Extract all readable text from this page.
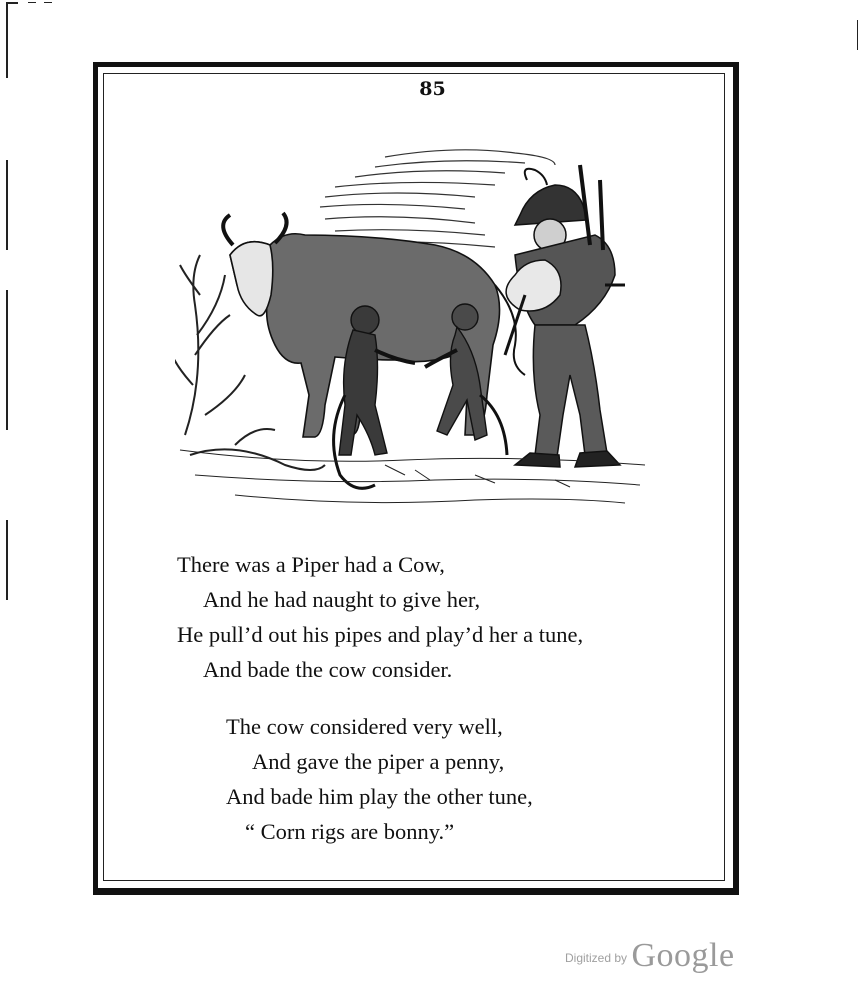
85
There was a Piper had a Cow,
And he had naught to give her,
He pull’d out his pipes and play’d her a tune,
And bade the cow consider.
The cow considered very well,
And gave the piper a penny,
And bade him play the other tune,
“ Corn rigs are bonny.”
$^{Digitized by}$ Google
